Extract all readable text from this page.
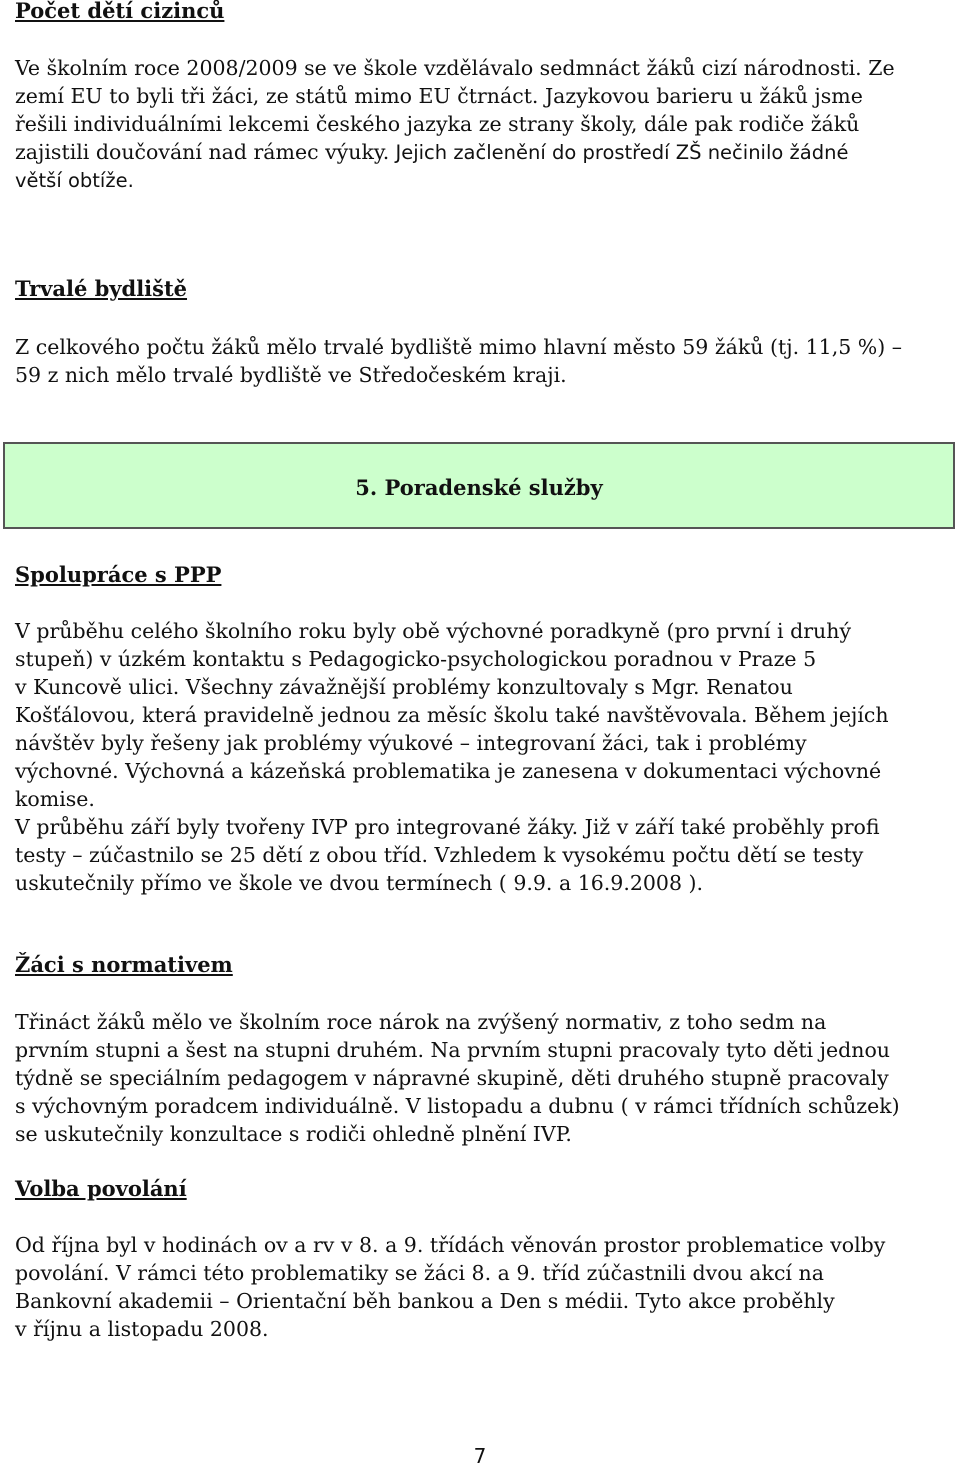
Počet dětí cizinců
Ve školním roce 2008/2009 se ve škole vzdělávalo sedmnáct žáků cizí národnosti. Ze
zemí EU to byli tři žáci, ze států mimo EU čtrnáct. Jazykovou barieru u žáků jsme
řešili individuálními lekcemi českého jazyka ze strany školy, dále pak rodiče žáků
zajistili doučování nad rámec výuky. Jejich začlenění do prostředí ZŠ nečinilo žádné
větší obtíže.
Trvalé bydliště
Z celkového počtu žáků mělo trvalé bydliště mimo hlavní město 59 žáků (tj. 11,5 %) –
59 z nich mělo trvalé bydliště ve Středočeském kraji.
5. Poradenské služby
Spolupráce s PPP
V průběhu celého školního roku byly obě výchovné poradkyně (pro první i druhý
stupeň) v úzkém kontaktu s Pedagogicko-psychologickou poradnou v Praze 5
v Kuncově ulici. Všechny závažnější problémy konzultovaly s Mgr. Renatou
Košťálovou, která pravidelně jednou za měsíc školu také navštěvovala. Během jejích
návštěv byly řešeny jak problémy výukové – integrovaní žáci, tak i problémy
výchovné. Výchovná a kázeňská problematika je zanesena v dokumentaci výchovné
komise.
V průběhu září byly tvořeny IVP pro integrované žáky. Již v září také proběhly profi
testy – zúčastnilo se 25 dětí z obou tříd. Vzhledem k vysokému počtu dětí se testy
uskutečnily přímo ve škole ve dvou termínech ( 9.9. a 16.9.2008 ).
Žáci s normativem
Třináct žáků mělo ve školním roce nárok na zvýšený normativ, z toho sedm na
prvním stupni a šest na stupni druhém. Na prvním stupni pracovaly tyto děti jednou
týdně se speciálním pedagogem v nápravné skupině, děti druhého stupně pracovaly
s výchovným poradcem individuálně. V listopadu a dubnu ( v rámci třídních schůzek)
se uskutečnily konzultace s rodiči ohledně plnění IVP.
Volba povolání
Od října byl v hodinách ov a rv v 8. a 9. třídách věnován prostor problematice volby
povolání. V rámci této problematiky se žáci 8. a 9. tříd zúčastnili dvou akcí na
Bankovní akademii – Orientační běh bankou a Den s médii. Tyto akce proběhly
v říjnu a listopadu 2008.
7
